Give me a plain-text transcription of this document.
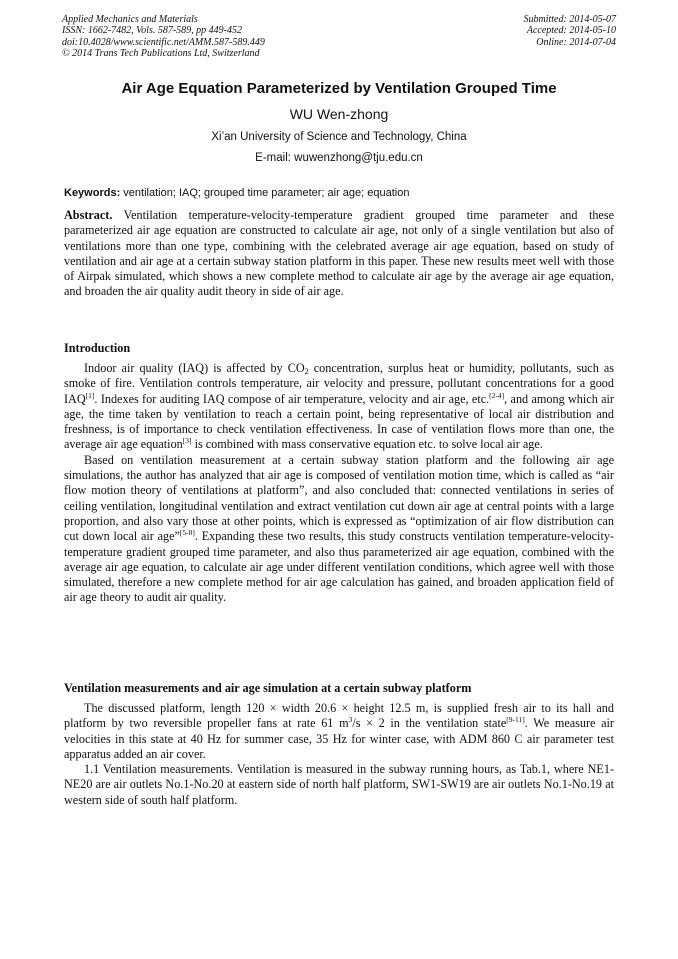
Applied Mechanics and Materials
ISSN: 1662-7482, Vols. 587-589, pp 449-452
doi:10.4028/www.scientific.net/AMM.587-589.449
© 2014 Trans Tech Publications Ltd, Switzerland
Submitted: 2014-05-07
Accepted: 2014-05-10
Online: 2014-07-04
Air Age Equation Parameterized by Ventilation Grouped Time
WU Wen-zhong
Xi’an University of Science and Technology, China
E-mail: wuwenzhong@tju.edu.cn
Keywords: ventilation; IAQ; grouped time parameter; air age; equation

Abstract. Ventilation temperature-velocity-temperature gradient grouped time parameter and these parameterized air age equation are constructed to calculate air age, not only of a single ventilation but also of ventilations more than one type, combining with the celebrated average air age equation, based on study of ventilation and air age at a certain subway station platform in this paper. These new results meet well with those of Airpak simulated, which shows a new complete method to calculate air age by the average air age equation, and broaden the air quality audit theory in side of air age.

Introduction

Indoor air quality (IAQ) is affected by $CO_2$ concentration, surplus heat or humidity, pollutants, such as smoke of fire. Ventilation controls temperature, air velocity and pressure, pollutant concentrations for a good IAQ[1]. Indexes for auditing IAQ compose of air temperature, velocity and air age, etc.[2-4], and among which air age, the time taken by ventilation to reach a certain point, being representative of local air distribution and freshness, is of importance to check ventilation effectiveness. In case of ventilation flows more than one, the average air age equation[3] is combined with mass conservative equation etc. to solve local air age.

Based on ventilation measurement at a certain subway station platform and the following air age simulations, the author has analyzed that air age is composed of ventilation motion time, which is called as “air flow motion theory of ventilations at platform”, and also concluded that: connected ventilations in series of ceiling ventilation, longitudinal ventilation and extract ventilation cut down air age at central points with a large proportion, and also vary those at other points, which is expressed as “optimization of air flow distribution can cut down local air age”[5-8]. Expanding these two results, this study constructs ventilation temperature-velocity-temperature gradient grouped time parameter, and also thus parameterized air age equation, combined with the average air age equation, to calculate air age under different ventilation conditions, which agree well with those simulated, therefore a new complete method for air age calculation has gained, and broaden application field of air age theory to audit air quality.

Ventilation measurements and air age simulation at a certain subway platform

The discussed platform, length 120 × width 20.6 × height 12.5 m, is supplied fresh air to its hall and platform by two reversible propeller fans at rate 61 $m^3/s \times 2$ in the ventilation state[9-11]. We measure air velocities in this state at 40 Hz for summer case, 35 Hz for winter case, with ADM 860 C air parameter test apparatus added an air cover.

1.1 Ventilation measurements. Ventilation is measured in the subway running hours, as Tab.1, where NE1-NE20 are air outlets No.1-No.20 at eastern side of north half platform, SW1-SW19 are air outlets No.1-No.19 at western side of south half platform.
